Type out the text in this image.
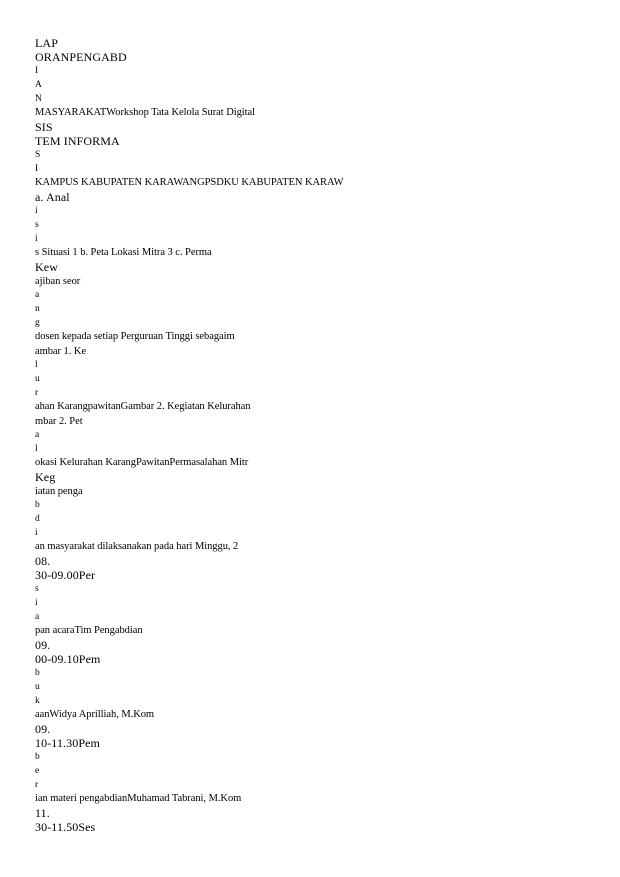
LAP
ORANPENGABD
I
A
N
MASYARAKATWorkshop Tata Kelola Surat Digital
SIS
TEM INFORMA
S
I
KAMPUS KABUPATEN KARAWANGPSDKU KABUPATEN KARAW
a. Anal
i
s
i
s Situasi 1 b. Peta Lokasi Mitra 3 c. Perma
Kew
ajiban seor
a
n
g
dosen kepada setiap Perguruan Tinggi sebagaim
ambar 1. Ke
l
u
r
ahan KarangpawitanGambar 2. Kegiatan Kelurahan
mbar 2. Pet
a
l
okasi Kelurahan KarangPawitanPermasalahan Mitr
Keg
iatan penga
b
d
i
an masyarakat dilaksanakan pada hari Minggu, 2
08.
30-09.00Per
s
i
a
pan acaraTim Pengabdian
09.
00-09.10Pem
b
u
k
aanWidya Aprilliah, M.Kom
09.
10-11.30Pem
b
e
r
ian materi pengabdianMuhamad Tabrani, M.Kom
11.
30-11.50Ses
